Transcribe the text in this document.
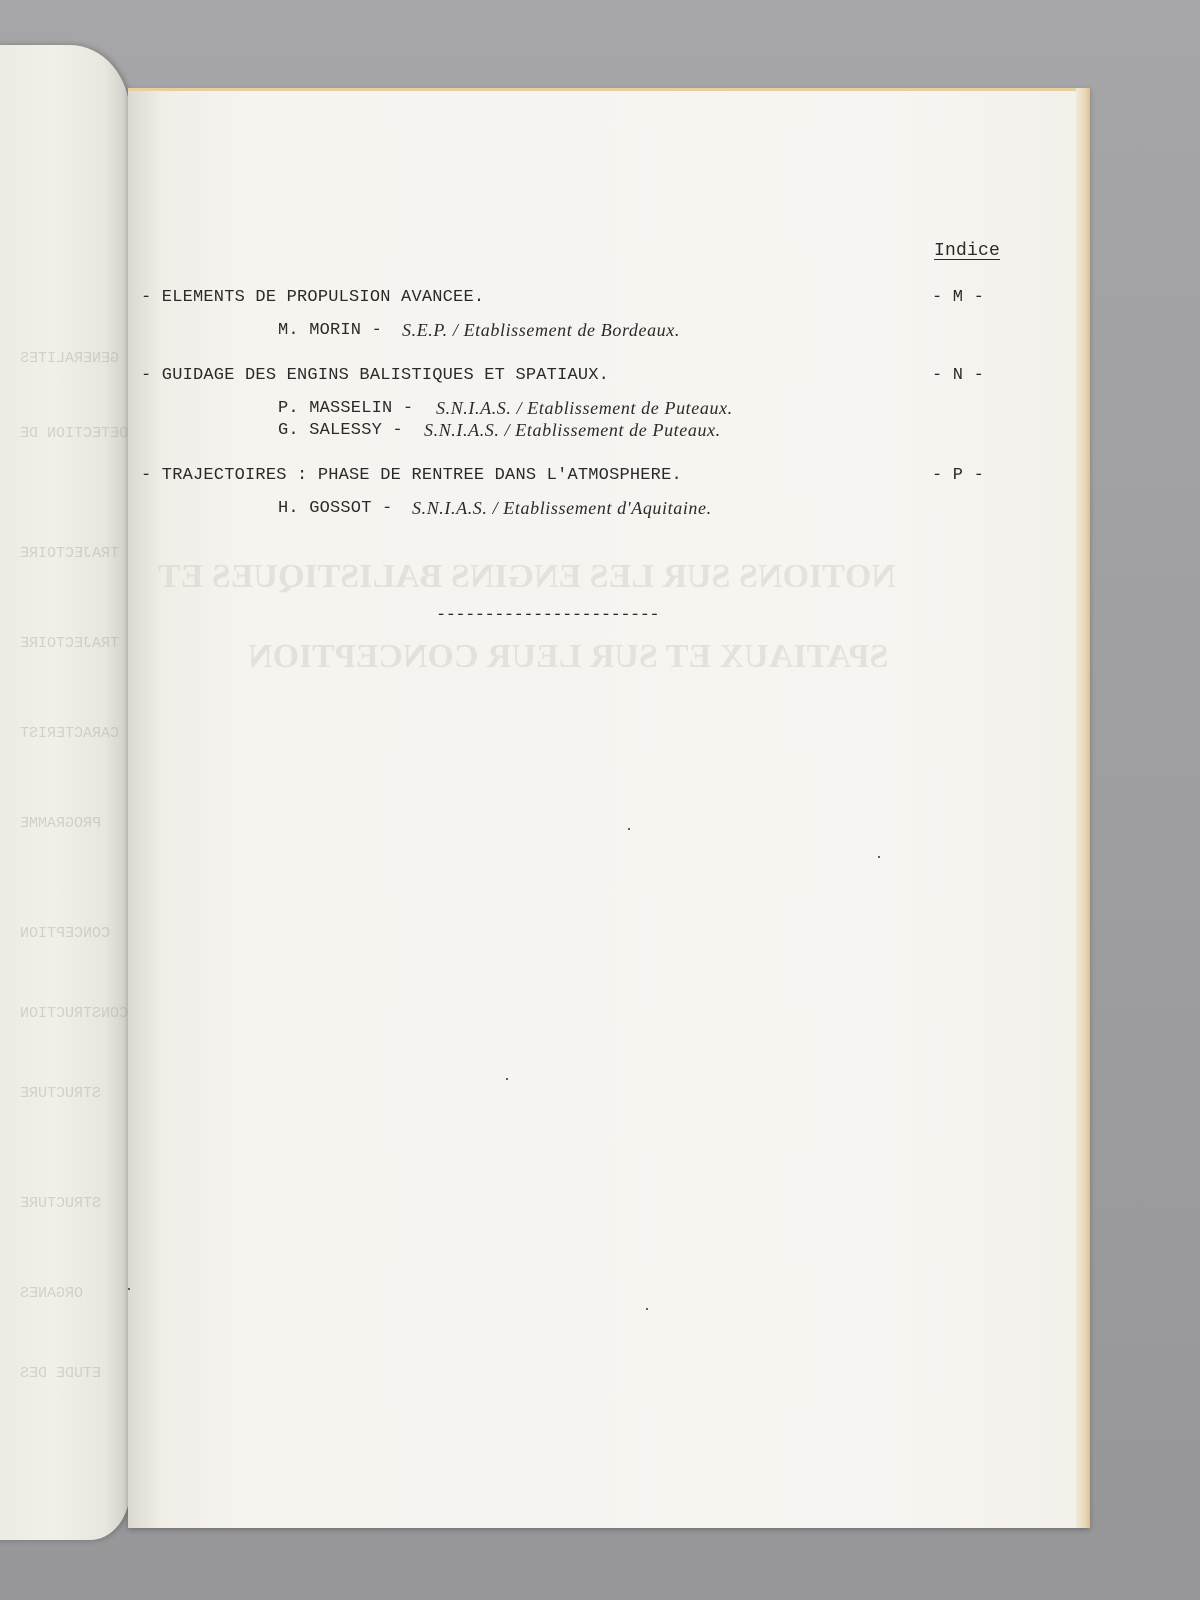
GENERALITES
DETECTION DE
TRAJECTOIRE
TRAJECTOIRE
CARACTERIST
PROGRAMME
CONCEPTION
CONSTRUCTION
STRUCTURE
STRUCTURE
ORGANES
ETUDE DES
NOTIONS SUR LES ENGINS BALISTIQUES ET
SPATIAUX ET SUR LEUR CONCEPTION
Indice
- ELEMENTS DE PROPULSION AVANCEE.	- M -
M. MORIN - S.E.P. / Etablissement de Bordeaux.
- GUIDAGE DES ENGINS BALISTIQUES ET SPATIAUX.	- N -
P. MASSELIN - S.N.I.A.S. / Etablissement de Puteaux.
G. SALESSY - S.N.I.A.S. / Etablissement de Puteaux.
- TRAJECTOIRES : PHASE DE RENTREE DANS L'ATMOSPHERE.	- P -
H. GOSSOT - S.N.I.A.S. / Etablissement d'Aquitaine.
-----------------------
